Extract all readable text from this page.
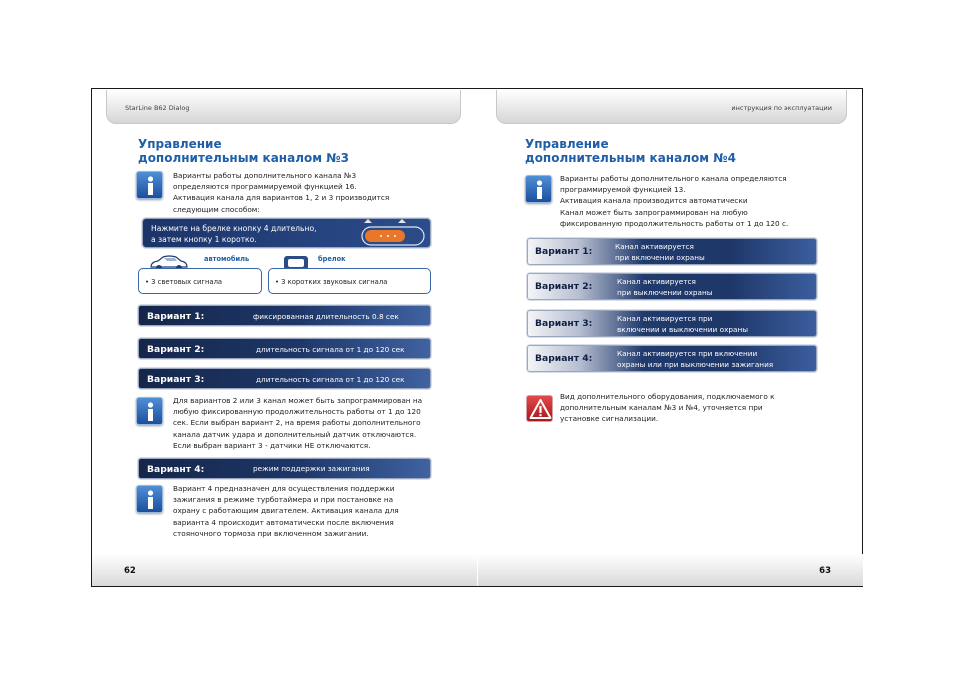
StarLine B62 Dialog
Управление
дополнительным каналом №3
Варианты работы дополнительного канала №3
определяются программируемой функцией 16.
Активация канала для вариантов 1, 2 и 3 производится
следующим способом:
Нажмите на брелке кнопку 4 длительно,
а затем кнопку 1 коротко.
автомобиль
• 3 световых сигнала
брелок
• 3 коротких звуковых сигнала
Вариант 1:	фиксированная длительность 0.8 сек
Вариант 2:	длительность сигнала от 1 до 120 сек
Вариант 3:	длительность сигнала от 1 до 120 сек
Для вариантов 2 или 3 канал может быть запрограммирован на
любую фиксированную продолжительность работы от 1 до 120
сек. Если выбран вариант 2, на время работы дополнительного
канала датчик удара и дополнительный датчик отключаются.
Если выбран вариант 3 - датчики НЕ отключаются.
Вариант 4:	режим поддержки зажигания
Вариант 4 предназначен для осуществления поддержки
зажигания в режиме турботаймера и при постановке на
охрану с работающим двигателем. Активация канала для
варианта 4 происходит автоматически после включения
стояночного тормоза при включенном зажигании.
62
инструкция по эксплуатации
Управление
дополнительным каналом №4
Варианты работы дополнительного канала определяются
программируемой функцией 13.
Активация канала производится автоматически
Канал может быть запрограммирован на любую
фиксированную продолжительность работы от 1 до 120 с.
Вариант 1:	Канал активируется
при включении охраны
Вариант 2:	Канал активируется
при выключении охраны
Вариант 3:	Канал активируется при
включении и выключении охраны
Вариант 4:	Канал активируется при включении
охраны или при выключении зажигания
Вид дополнительного оборудования, подключаемого к
дополнительным каналам №3 и №4, уточняется при
установке сигнализации.
63
